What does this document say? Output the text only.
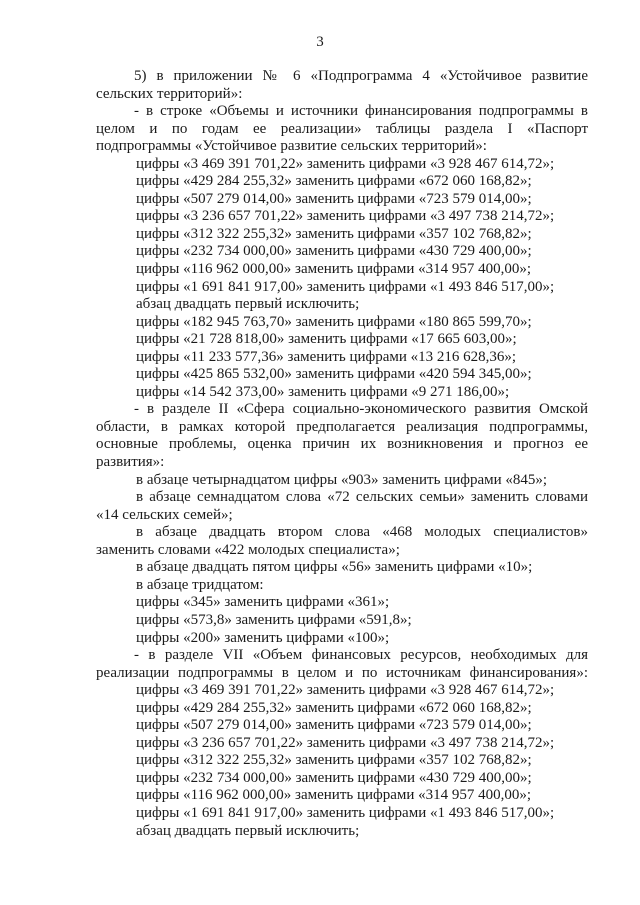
3
5) в приложении № 6 «Подпрограмма 4 «Устойчивое развитие
сельских территорий»:
- в строке «Объемы и источники финансирования подпрограммы в
целом и по годам ее реализации» таблицы раздела I «Паспорт
подпрограммы «Устойчивое развитие сельских территорий»:
цифры «3 469 391 701,22» заменить цифрами «3 928 467 614,72»;
цифры «429 284 255,32» заменить цифрами «672 060 168,82»;
цифры «507 279 014,00» заменить цифрами «723 579 014,00»;
цифры «3 236 657 701,22» заменить цифрами «3 497 738 214,72»;
цифры «312 322 255,32» заменить цифрами «357 102 768,82»;
цифры «232 734 000,00» заменить цифрами «430 729 400,00»;
цифры «116 962 000,00» заменить цифрами «314 957 400,00»;
цифры «1 691 841 917,00» заменить цифрами «1 493 846 517,00»;
абзац двадцать первый исключить;
цифры «182 945 763,70» заменить цифрами «180 865 599,70»;
цифры «21 728 818,00» заменить цифрами «17 665 603,00»;
цифры «11 233 577,36» заменить цифрами «13 216 628,36»;
цифры «425 865 532,00» заменить цифрами «420 594 345,00»;
цифры «14 542 373,00» заменить цифрами «9 271 186,00»;
- в разделе II «Сфера социально-экономического развития Омской
области, в рамках которой предполагается реализация подпрограммы,
основные проблемы, оценка причин их возникновения и прогноз ее
развития»:
в абзаце четырнадцатом цифры «903» заменить цифрами «845»;
в абзаце семнадцатом слова «72 сельских семьи» заменить словами
«14 сельских семей»;
в абзаце двадцать втором слова «468 молодых специалистов»
заменить словами «422 молодых специалиста»;
в абзаце двадцать пятом цифры «56» заменить цифрами «10»;
в абзаце тридцатом:
цифры «345» заменить цифрами «361»;
цифры «573,8» заменить цифрами «591,8»;
цифры «200» заменить цифрами «100»;
- в разделе VII «Объем финансовых ресурсов, необходимых для
реализации подпрограммы в целом и по источникам финансирования»:
цифры «3 469 391 701,22» заменить цифрами «3 928 467 614,72»;
цифры «429 284 255,32» заменить цифрами «672 060 168,82»;
цифры «507 279 014,00» заменить цифрами «723 579 014,00»;
цифры «3 236 657 701,22» заменить цифрами «3 497 738 214,72»;
цифры «312 322 255,32» заменить цифрами «357 102 768,82»;
цифры «232 734 000,00» заменить цифрами «430 729 400,00»;
цифры «116 962 000,00» заменить цифрами «314 957 400,00»;
цифры «1 691 841 917,00» заменить цифрами «1 493 846 517,00»;
абзац двадцать первый исключить;
